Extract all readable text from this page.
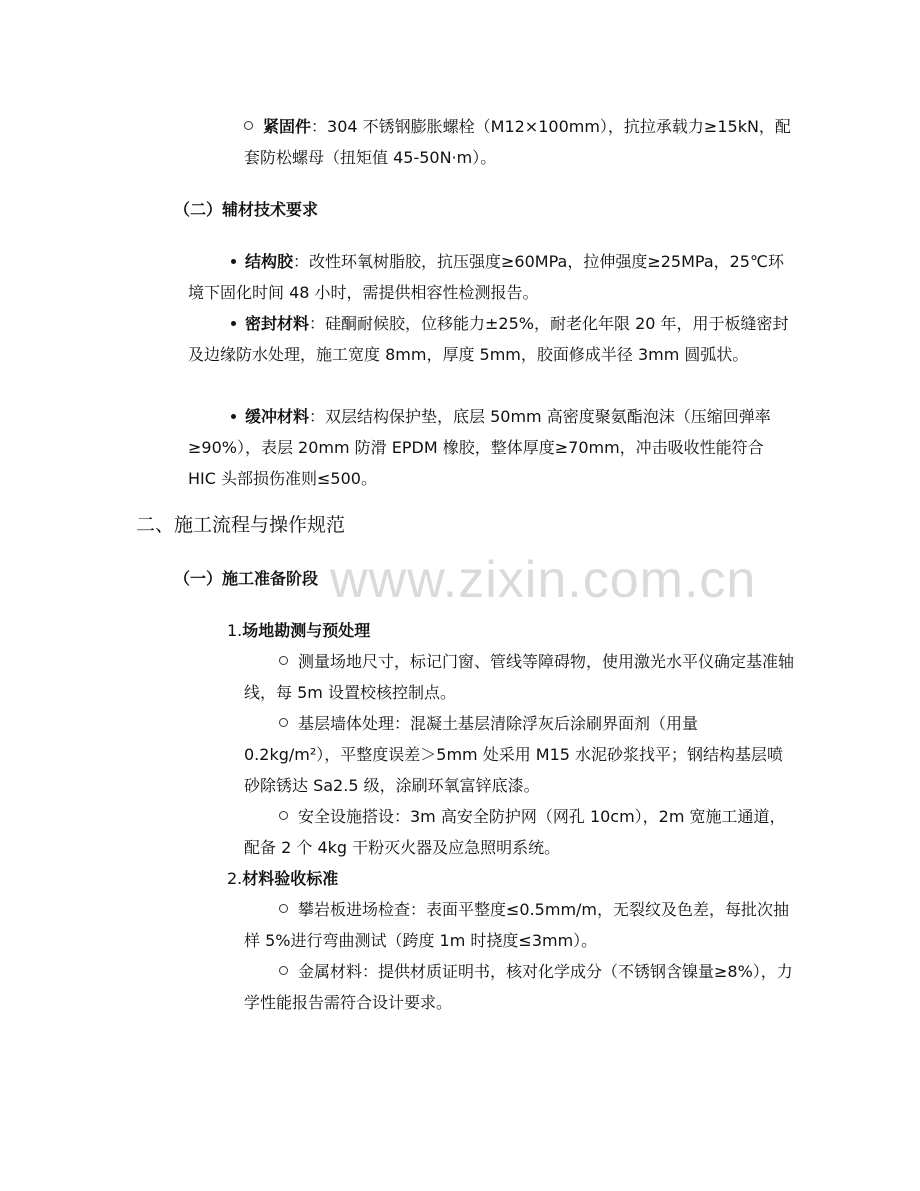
www.zixin.com.cn
紧固件：304 不锈钢膨胀螺栓（M12×100mm），抗拉承载力≥15kN，配套防松螺母（扭矩值 45-50N·m）。
（二）辅材技术要求
结构胶：改性环氧树脂胶，抗压强度≥60MPa，拉伸强度≥25MPa，25℃环境下固化时间 48 小时，需提供相容性检测报告。
密封材料：硅酮耐候胶，位移能力±25%，耐老化年限 20 年，用于板缝密封及边缘防水处理，施工宽度 8mm，厚度 5mm，胶面修成半径 3mm 圆弧状。
缓冲材料：双层结构保护垫，底层 50mm 高密度聚氨酯泡沫（压缩回弹率≥90%），表层 20mm 防滑 EPDM 橡胶，整体厚度≥70mm，冲击吸收性能符合 HIC 头部损伤准则≤500。
二、施工流程与操作规范
（一）施工准备阶段
1.场地勘测与预处理
测量场地尺寸，标记门窗、管线等障碍物，使用激光水平仪确定基准轴线，每 5m 设置校核控制点。
基层墙体处理：混凝土基层清除浮灰后涂刷界面剂（用量 0.2kg/m²），平整度误差＞5mm 处采用 M15 水泥砂浆找平；钢结构基层喷砂除锈达 Sa2.5 级，涂刷环氧富锌底漆。
安全设施搭设：3m 高安全防护网（网孔 10cm），2m 宽施工通道，配备 2 个 4kg 干粉灭火器及应急照明系统。
2.材料验收标准
攀岩板进场检查：表面平整度≤0.5mm/m，无裂纹及色差，每批次抽样 5%进行弯曲测试（跨度 1m 时挠度≤3mm）。
金属材料：提供材质证明书，核对化学成分（不锈钢含镍量≥8%），力学性能报告需符合设计要求。
